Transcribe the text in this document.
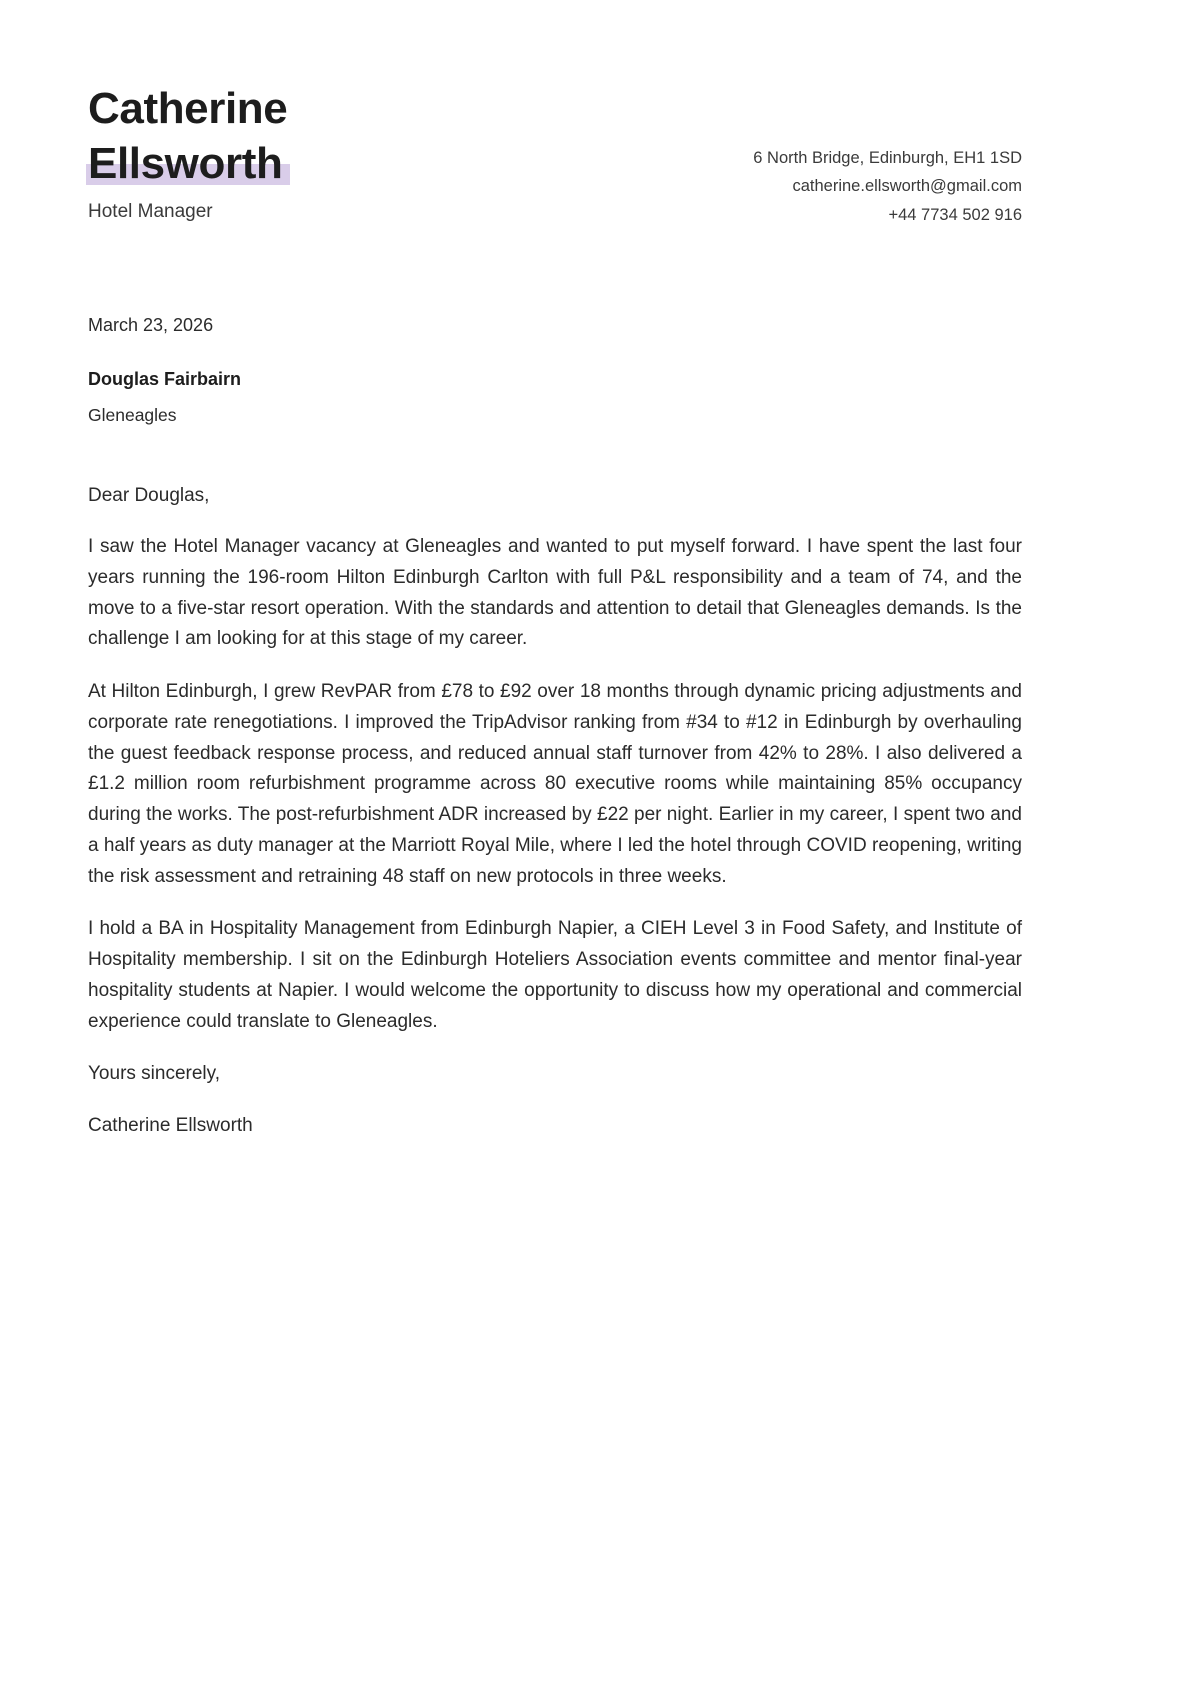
Catherine
Ellsworth
Hotel Manager
6 North Bridge, Edinburgh, EH1 1SD
catherine.ellsworth@gmail.com
+44 7734 502 916
March 23, 2026
Douglas Fairbairn
Gleneagles
Dear Douglas,

I saw the Hotel Manager vacancy at Gleneagles and wanted to put myself forward. I have spent the last four years running the 196-room Hilton Edinburgh Carlton with full P&L responsibility and a team of 74, and the move to a five-star resort operation. With the standards and attention to detail that Gleneagles demands. Is the challenge I am looking for at this stage of my career.

At Hilton Edinburgh, I grew RevPAR from £78 to £92 over 18 months through dynamic pricing adjustments and corporate rate renegotiations. I improved the TripAdvisor ranking from #34 to #12 in Edinburgh by overhauling the guest feedback response process, and reduced annual staff turnover from 42% to 28%. I also delivered a £1.2 million room refurbishment programme across 80 executive rooms while maintaining 85% occupancy during the works. The post-refurbishment ADR increased by £22 per night. Earlier in my career, I spent two and a half years as duty manager at the Marriott Royal Mile, where I led the hotel through COVID reopening, writing the risk assessment and retraining 48 staff on new protocols in three weeks.

I hold a BA in Hospitality Management from Edinburgh Napier, a CIEH Level 3 in Food Safety, and Institute of Hospitality membership. I sit on the Edinburgh Hoteliers Association events committee and mentor final-year hospitality students at Napier. I would welcome the opportunity to discuss how my operational and commercial experience could translate to Gleneagles.

Yours sincerely,
Catherine Ellsworth
